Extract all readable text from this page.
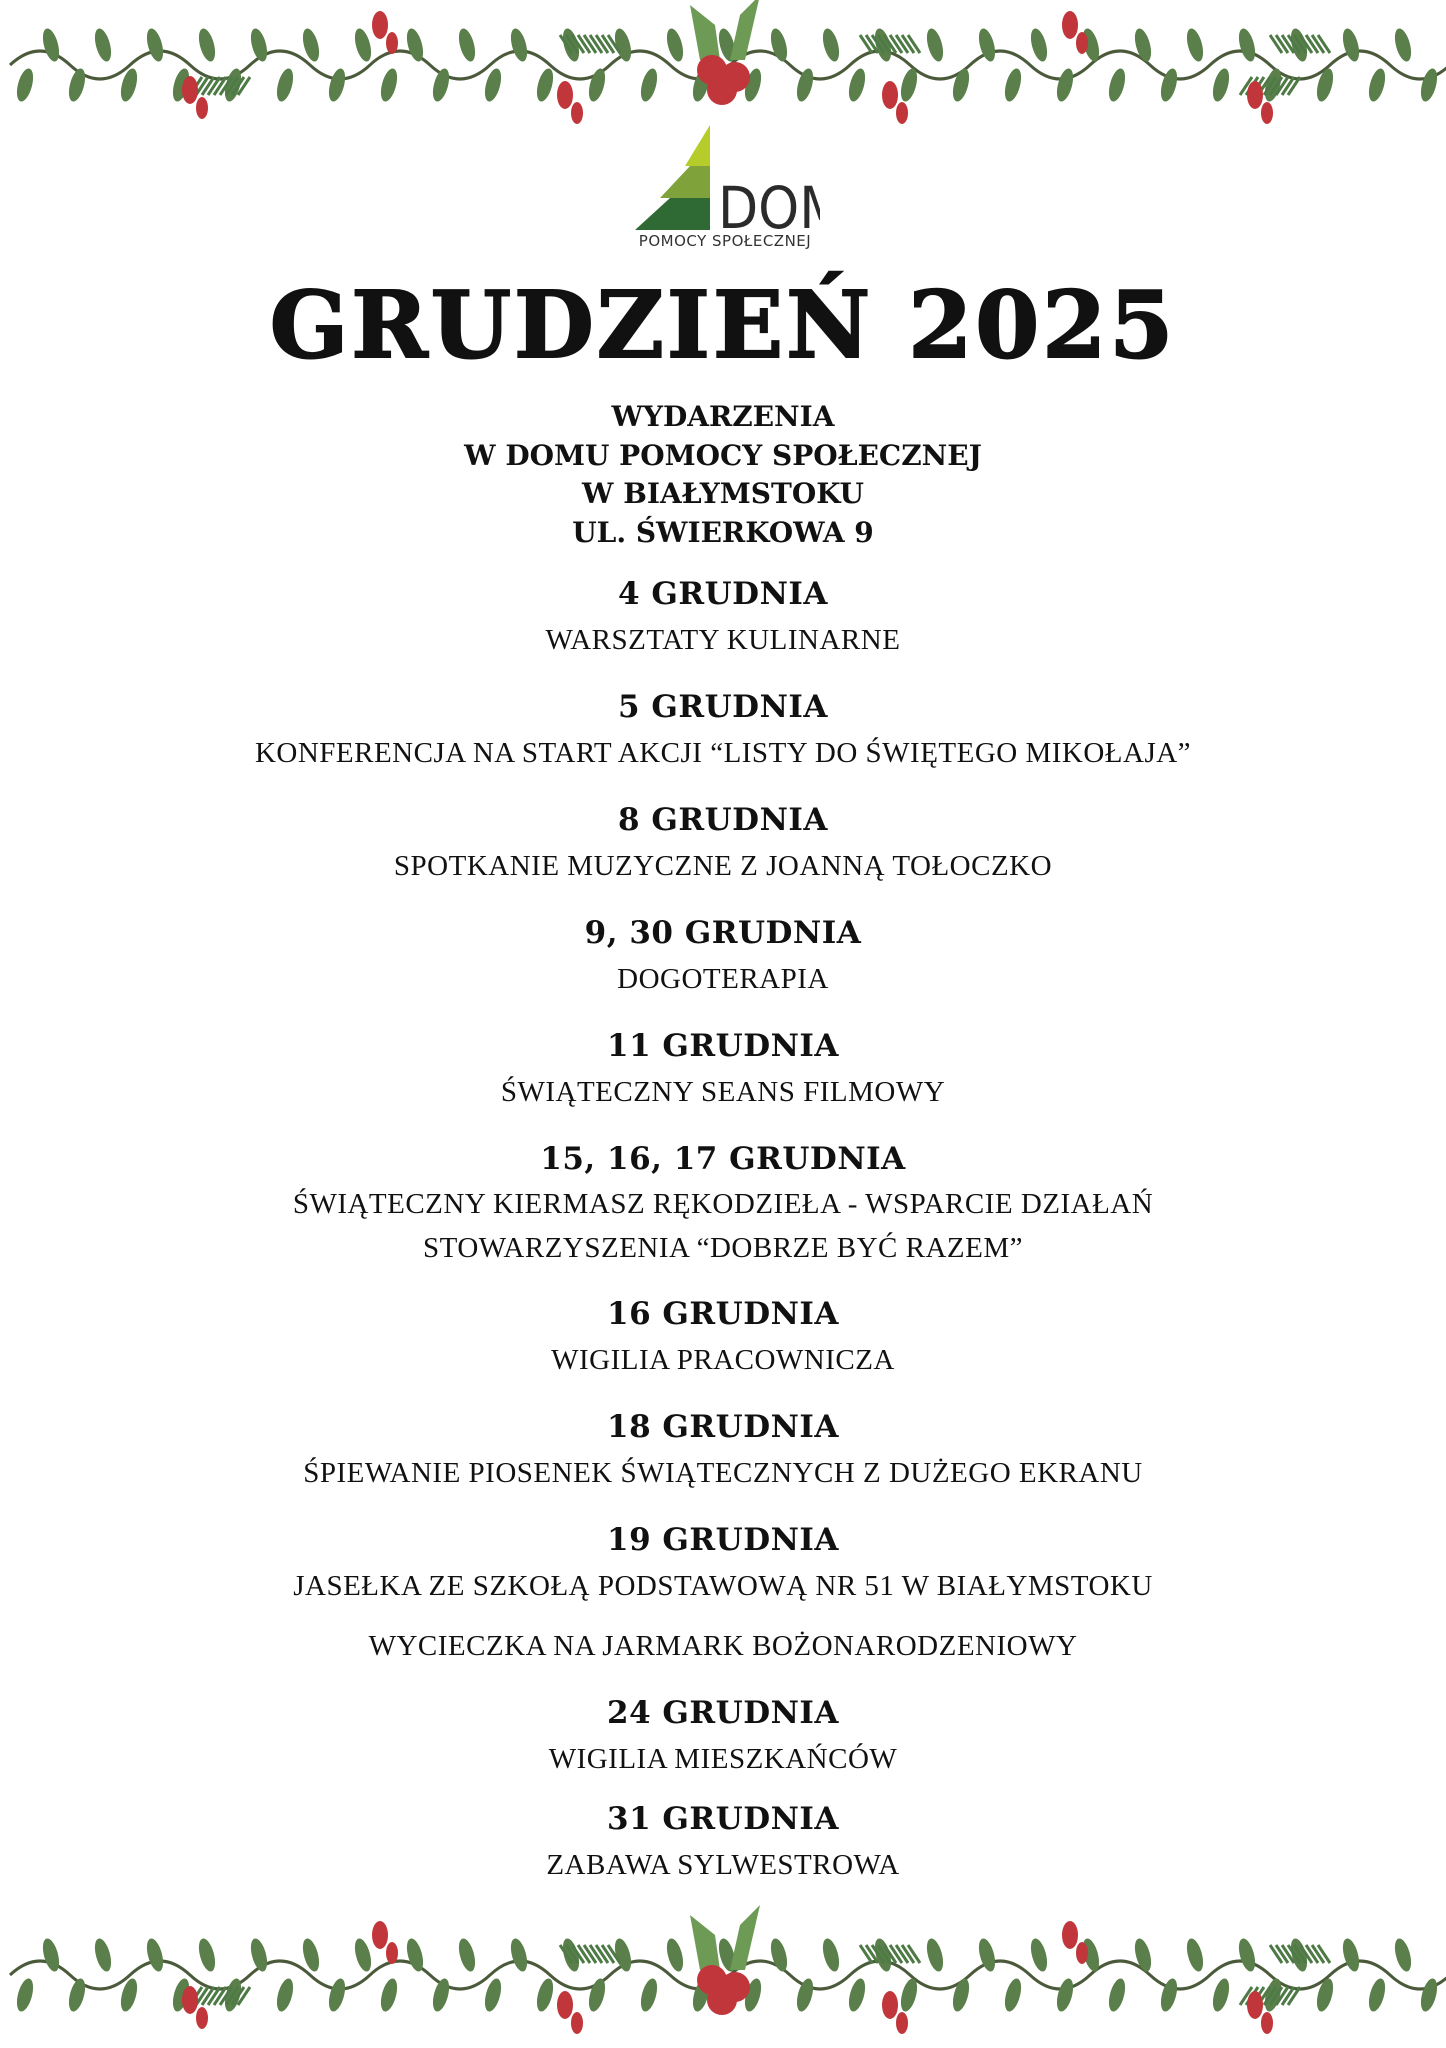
DO
POMOCY SPOŁECZNEJ
GRUDZIEŃ 2025
WYDARZENIA
W DOMU POMOCY SPOŁECZNEJ
W BIAŁYMSTOKU
UL. ŚWIERKOWA 9
4 GRUDNIA
WARSZTATY KULINARNE
5 GRUDNIA
KONFERENCJA NA START AKCJI “LISTY DO ŚWIĘTEGO MIKOŁAJA”
8 GRUDNIA
SPOTKANIE MUZYCZNE Z JOANNĄ TOŁOCZKO
9, 30 GRUDNIA
DOGOTERAPIA
11 GRUDNIA
ŚWIĄTECZNY SEANS FILMOWY
15, 16, 17 GRUDNIA
ŚWIĄTECZNY KIERMASZ RĘKODZIEŁA - WSPARCIE DZIAŁAŃ
STOWARZYSZENIA “DOBRZE BYĆ RAZEM”
16 GRUDNIA
WIGILIA PRACOWNICZA
18 GRUDNIA
ŚPIEWANIE PIOSENEK ŚWIĄTECZNYCH Z DUŻEGO EKRANU
19 GRUDNIA
JASEŁKA ZE SZKOŁĄ PODSTAWOWĄ NR 51 W BIAŁYMSTOKU
WYCIECZKA NA JARMARK BOŻONARODZENIOWY
24 GRUDNIA
WIGILIA MIESZKAŃCÓW
31 GRUDNIA
ZABAWA SYLWESTROWA
